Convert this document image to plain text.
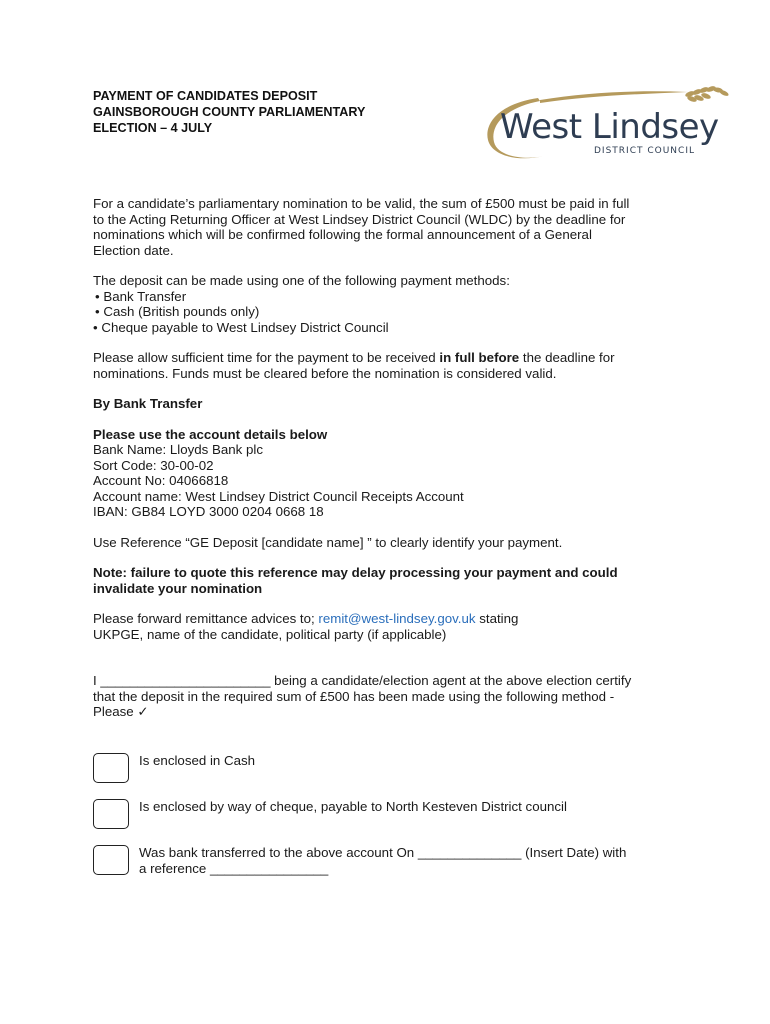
PAYMENT OF CANDIDATES DEPOSIT
GAINSBOROUGH COUNTY PARLIAMENTARY
ELECTION – 4 JULY	West Lindsey
DISTRICT COUNCIL

For a candidate’s parliamentary nomination to be valid, the sum of £500 must be paid in full

to the Acting Returning Officer at West Lindsey District Council (WLDC) by the deadline for

nominations which will be confirmed following the formal announcement of a General

Election date.

The deposit can be made using one of the following payment methods:

• Bank Transfer

• Cash (British pounds only)

• Cheque payable to West Lindsey District Council

Please allow sufficient time for the payment to be received in full before the deadline for

nominations. Funds must be cleared before the nomination is considered valid.

By Bank Transfer

Please use the account details below

Bank Name: Lloyds Bank plc

Sort Code: 30-00-02

Account No: 04066818

Account name: West Lindsey District Council Receipts Account

IBAN: GB84 LOYD 3000 0204 0668 18

Use Reference “GE Deposit [candidate name] ” to clearly identify your payment.

Note: failure to quote this reference may delay processing your payment and could

invalidate your nomination

Please forward remittance advices to; remit@west-lindsey.gov.uk stating

UKPGE, name of the candidate, political party (if applicable)

I _______________________ being a candidate/election agent at the above election certify

that the deposit in the required sum of £500 has been made using the following method -

Please ✓

Is enclosed in Cash
Is enclosed by way of cheque, payable to North Kesteven District council
Was bank transferred to the above account On ______________ (Insert Date) with
a reference ________________
